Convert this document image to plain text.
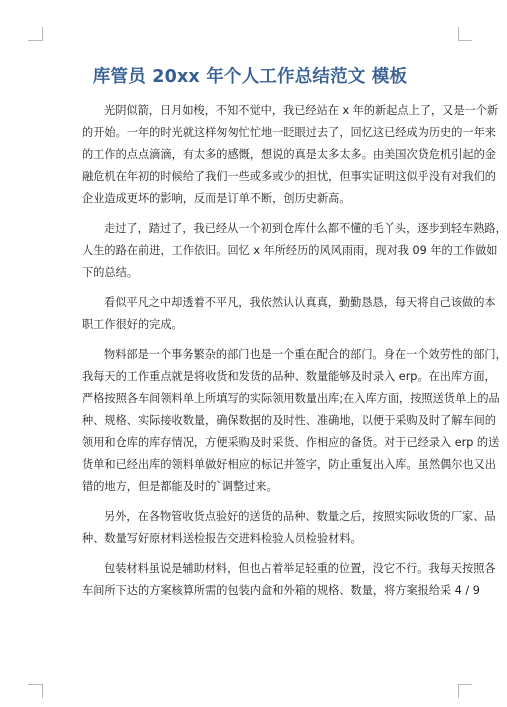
库管员 20xx 年个人工作总结范文 模板
光阴似箭，日月如梭，不知不觉中，我已经站在 x 年的新起点上了，又是一个新
的开始。一年的时光就这样匆匆忙忙地一眨眼过去了，回忆这已经成为历史的一年来
的工作的点点滴滴，有太多的感慨，想说的真是太多太多。由美国次贷危机引起的金
融危机在年初的时候给了我们一些或多或少的担忧，但事实证明这似乎没有对我们的
企业造成更坏的影响，反而是订单不断，创历史新高。
走过了，踏过了，我已经从一个初到仓库什么都不懂的毛丫头，逐步到轻车熟路，
人生的路在前进，工作依旧。回忆 x 年所经历的风风雨雨，现对我 09 年的工作做如
下的总结。
看似平凡之中却透着不平凡，我依然认认真真，勤勤恳恳，每天将自己该做的本
职工作很好的完成。
物料部是一个事务繁杂的部门也是一个重在配合的部门。身在一个效劳性的部门，
我每天的工作重点就是将收货和发货的品种、数量能够及时录入 erp。在出库方面，
严格按照各车间领料单上所填写的实际领用数量出库;在入库方面，按照送货单上的品
种、规格、实际接收数量，确保数据的及时性、准确地，以便于采购及时了解车间的
领用和仓库的库存情况，方便采购及时采货、作相应的备货。对于已经录入 erp 的送
货单和已经出库的领料单做好相应的标记并签字，防止重复出入库。虽然偶尔也又出
错的地方，但是都能及时的`调整过来。
另外，在各物管收货点验好的送货的品种、数量之后，按照实际收货的厂家、品
种、数量写好原材料送检报告交进料检验人员检验材料。
包装材料虽说是辅助材料，但也占着举足轻重的位置，没它不行。我每天按照各
车间所下达的方案核算所需的包装内盒和外箱的规格、数量，将方案报给采 4 / 9
